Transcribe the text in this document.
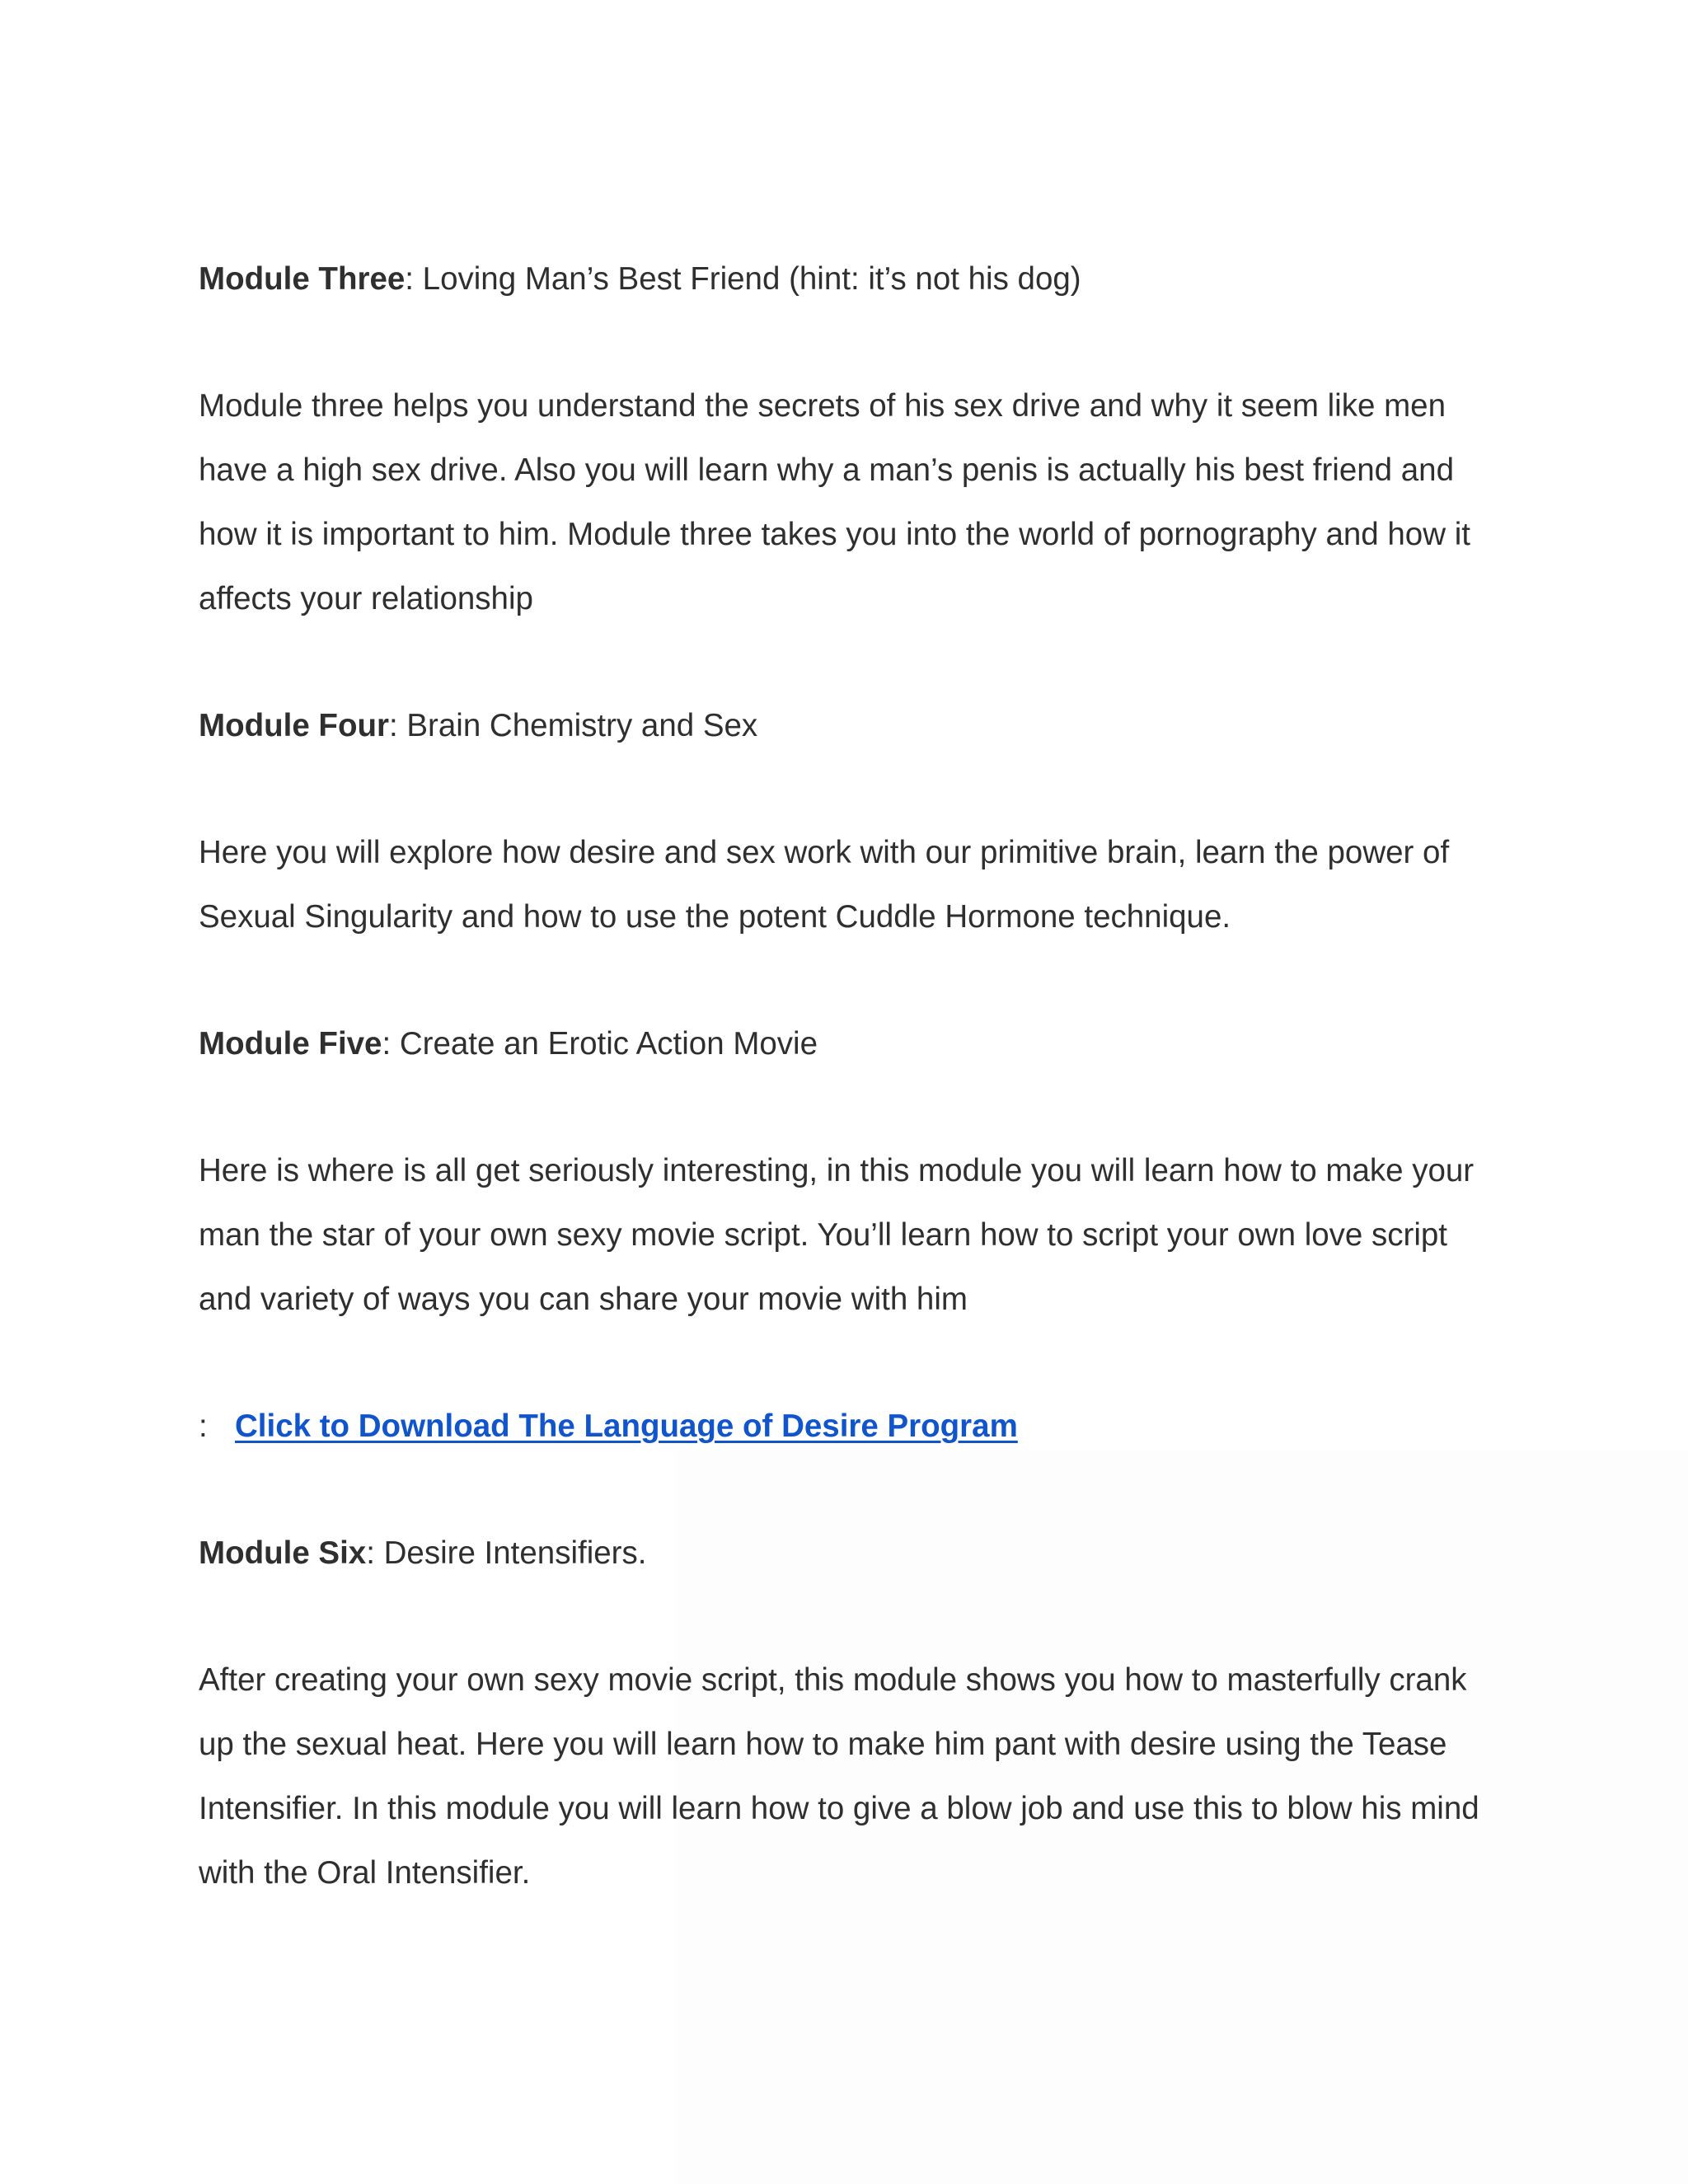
Module Three: Loving Man’s Best Friend (hint: it’s not his dog)

Module three helps you understand the secrets of his sex drive and why it seem like men
have a high sex drive. Also you will learn why a man’s penis is actually his best friend and
how it is important to him. Module three takes you into the world of pornography and how it
affects your relationship

Module Four: Brain Chemistry and Sex

Here you will explore how desire and sex work with our primitive brain, learn the power of
Sexual Singularity and how to use the potent Cuddle Hormone technique.

Module Five: Create an Erotic Action Movie

Here is where is all get seriously interesting, in this module you will learn how to make your
man the star of your own sexy movie script. You’ll learn how to script your own love script
and variety of ways you can share your movie with him

: Click to Download The Language of Desire Program

Module Six: Desire Intensifiers.

After creating your own sexy movie script, this module shows you how to masterfully crank
up the sexual heat. Here you will learn how to make him pant with desire using the Tease
Intensifier. In this module you will learn how to give a blow job and use this to blow his mind
with the Oral Intensifier.
